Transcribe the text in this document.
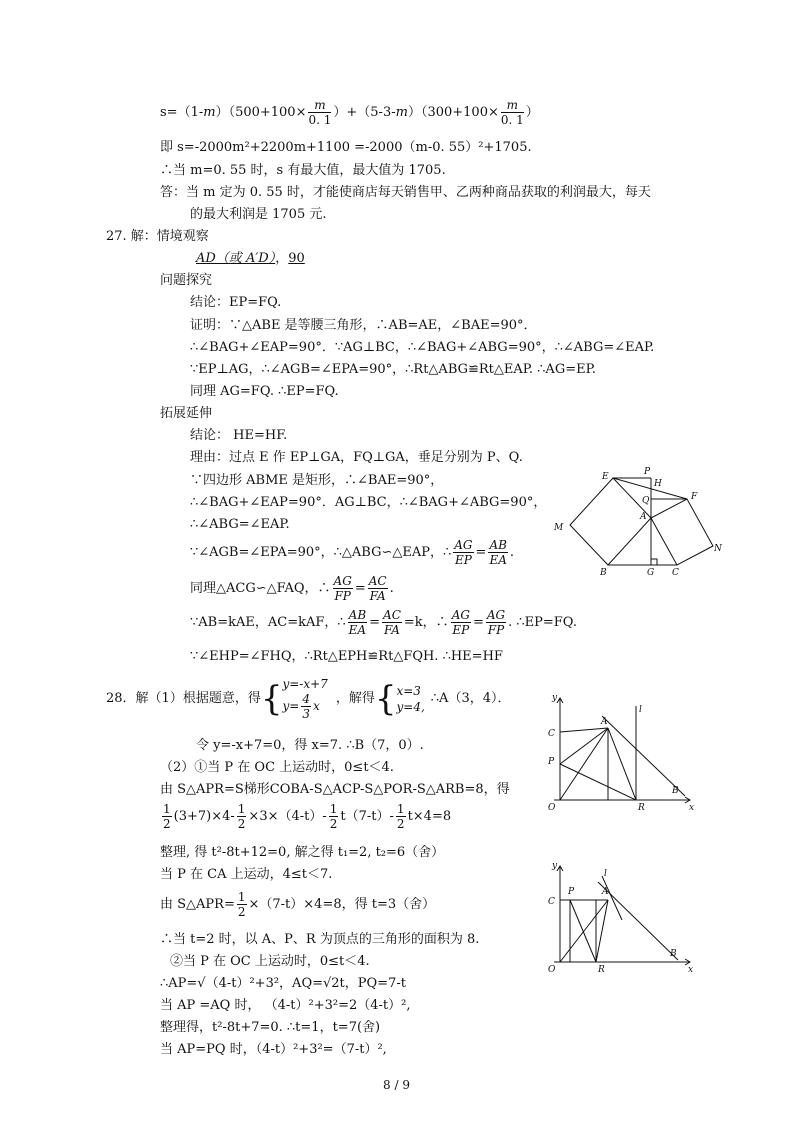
$s=(1-m)(500+100\times \frac{m}{0. 1} )+(5-3-m)(300+100\times \frac{m}{0. 1}$ ）
即 s=-2000m²+2200m+1100 =-2000（m-0. 55）²+1705.
∴当 m=0. 55 时，s 有最大值，最大值为 1705.
答：当 m 定为 0. 55 时，才能使商店每天销售甲、乙两种商品获取的利润最大，每天
的最大利润是 1705 元.
27. 解：情境观察
AD（或 A′D），90
问题探究
结论：EP=FQ.
证明：∵△ABE 是等腰三角形，∴AB=AE，∠BAE=90°．
∴∠BAG+∠EAP=90°．∵AG⊥BC，∴∠BAG+∠ABG=90°，∴∠ABG=∠EAP.
∵EP⊥AG，∴∠AGB=∠EPA=90°，∴Rt△ABG≌Rt△EAP. ∴AG=EP.
同理 AG=FQ. ∴EP=FQ.
拓展延伸
结论： HE=HF.
理由：过点 E 作 EP⊥GA，FQ⊥GA，垂足分别为 P、Q.
∵四边形 ABME 是矩形，∴∠BAE=90°，
∴∠BAG+∠EAP=90°．AG⊥BC，∴∠BAG+∠ABG=90°，
∴∠ABG=∠EAP.
∵∠AGB=∠EPA=90°，∴△ABG∽△EAP，∴ $\frac{AG}{EP} = \frac{AB}{EA}$ .
同理△ACG∽△FAQ，∴ $\frac{AG}{FP} = \frac{AC}{FA}$ .
∵AB=kAE，AC=kAF，∴ $\frac{AB}{EA} = \frac{AC}{FA} =k$，∴ $\frac{AG}{EP} = \frac{AG}{FP}$ . ∴EP=FQ.
∵∠EHP=∠FHQ，∴Rt△EPH≌Rt△FQH. ∴HE=HF
E	P
H
Q	F
A
M
N
B	G C
28．解（1）根据题意，得{ y=-x+7
$y= \frac{4}{3}$ x	，解得{ x=3
y=4,
∴A（3，4）．
令 y=-x+7=0，得 x=7. ∴B（7，0）.
（2）①当 P 在 OC 上运动时，0≤t＜4.
由 S△APR=S梯形COBA-S△ACP-S△POR-S△ARB=8，得
$\frac{1}{2} (3+7)\times 4- \frac{1}{2} \times 3\times(4-t)- \frac{1}{2} t(7-t)- \frac{1}{2} t\times 4=8$
整理, 得 t²-8t+12=0, 解之得 t₁=2, t₂=6（舍）
当 P 在 CA 上运动，4≤t＜7.
由 S△APR= $\frac{1}{2} \times(7-t)\times 4=8$，得 t=3（舍）
∴当 t=2 时，以 A、P、R 为顶点的三角形的面积为 8.
②当 P 在 OC 上运动时，0≤t＜4.
∴AP=√（4-t）²+3²，AQ=√2t，PQ=7-t
当 AP =AQ 时， （4-t）²+3²=2（4-t）²,
整理得，t²-8t+7=0. ∴t=1，t=7(舍)
当 AP=PQ 时，（4-t）²+3²=（7-t）²,
y
l
A
C
P
B
O	R	x
y
l
P	A
C
B
O	R	x
8 / 9
